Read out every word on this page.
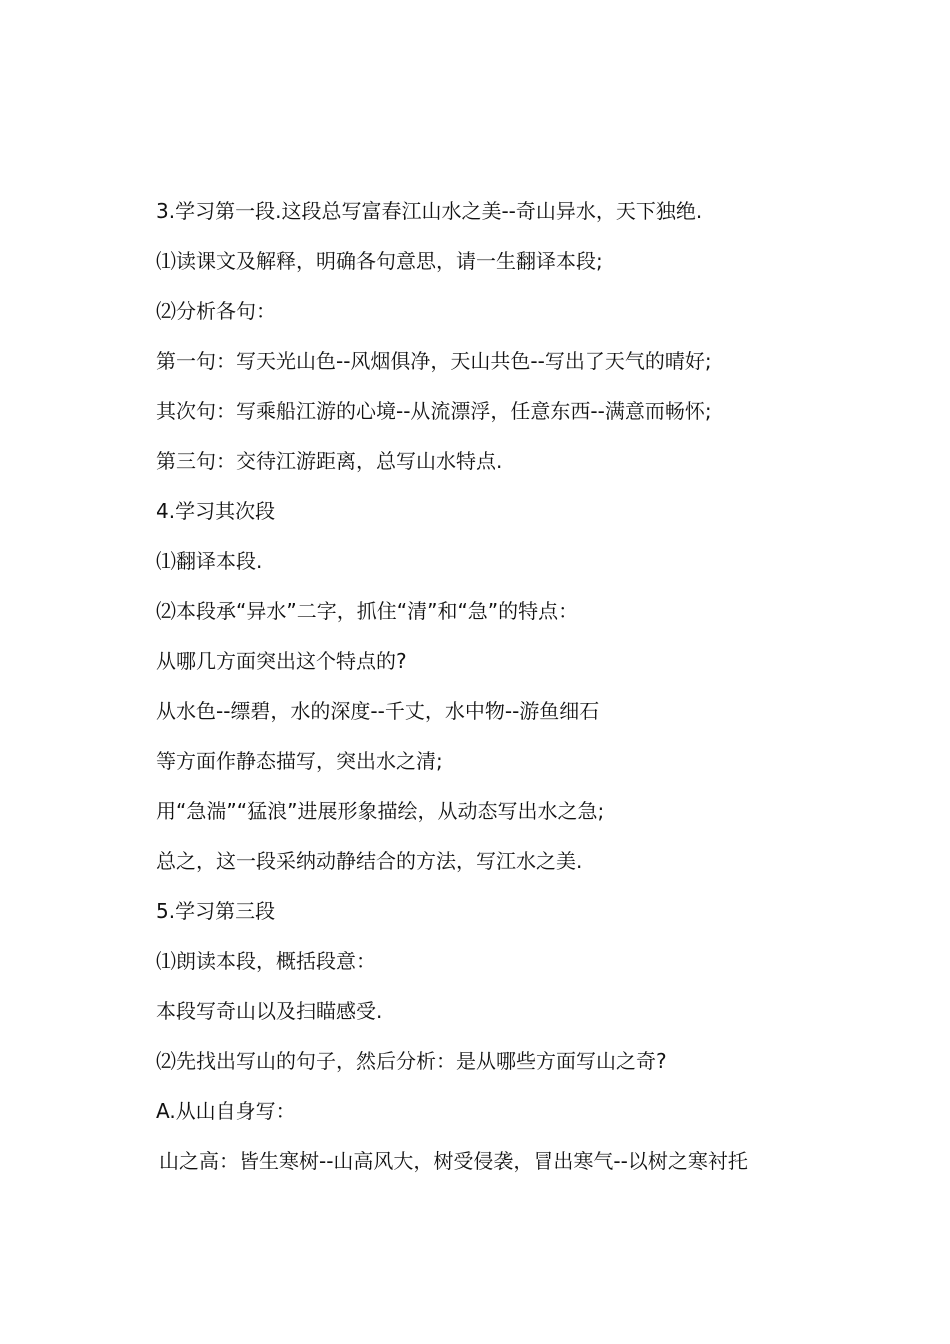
3.学习第一段.这段总写富春江山水之美--奇山异水，天下独绝.
⑴读课文及解释，明确各句意思，请一生翻译本段;
⑵分析各句：
第一句：写天光山色--风烟俱净，天山共色--写出了天气的晴好;
其次句：写乘船江游的心境--从流漂浮，任意东西--满意而畅怀;
第三句：交待江游距离，总写山水特点.
4.学习其次段
⑴翻译本段.
⑵本段承“异水”二字，抓住“清”和“急”的特点：
从哪几方面突出这个特点的?
从水色--缥碧，水的深度--千丈，水中物--游鱼细石
等方面作静态描写，突出水之清;
用“急湍”“猛浪”进展形象描绘，从动态写出水之急;
总之，这一段采纳动静结合的方法，写江水之美.
5.学习第三段
⑴朗读本段，概括段意：
本段写奇山以及扫瞄感受.
⑵先找出写山的句子，然后分析：是从哪些方面写山之奇?
A.从山自身写：
山之高：皆生寒树--山高风大，树受侵袭，冒出寒气--以树之寒衬托
